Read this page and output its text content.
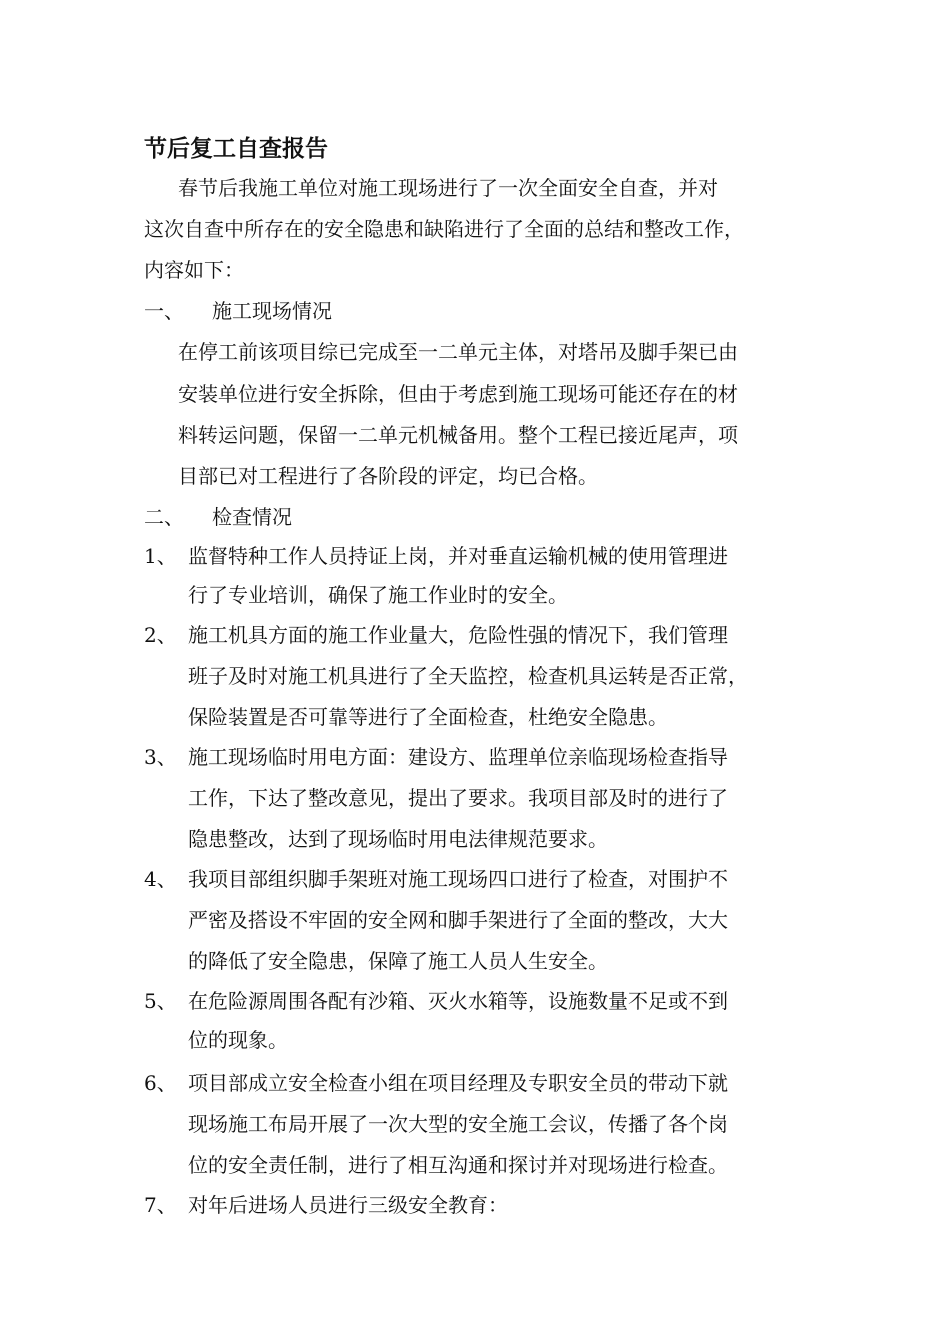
节后复工自查报告

春节后我施工单位对施工现场进行了一次全面安全自查，并对

这次自查中所存在的安全隐患和缺陷进行了全面的总结和整改工作，

内容如下：

一、 施工现场情况

在停工前该项目综已完成至一二单元主体，对塔吊及脚手架已由

安装单位进行安全拆除，但由于考虑到施工现场可能还存在的材

料转运问题，保留一二单元机械备用。整个工程已接近尾声，项

目部已对工程进行了各阶段的评定，均已合格。

二、 检查情况
1、 监督特种工作人员持证上岗，并对垂直运输机械的使用管理进

行了专业培训，确保了施工作业时的安全。

2、 施工机具方面的施工作业量大，危险性强的情况下，我们管理

班子及时对施工机具进行了全天监控，检查机具运转是否正常，

保险装置是否可靠等进行了全面检查，杜绝安全隐患。

3、 施工现场临时用电方面：建设方、监理单位亲临现场检查指导

工作，下达了整改意见，提出了要求。我项目部及时的进行了

隐患整改，达到了现场临时用电法律规范要求。

4、 我项目部组织脚手架班对施工现场四口进行了检查，对围护不

严密及搭设不牢固的安全网和脚手架进行了全面的整改，大大

的降低了安全隐患，保障了施工人员人生安全。

5、 在危险源周围各配有沙箱、灭火水箱等，设施数量不足或不到

位的现象。

6、 项目部成立安全检查小组在项目经理及专职安全员的带动下就

现场施工布局开展了一次大型的安全施工会议，传播了各个岗

位的安全责任制，进行了相互沟通和探讨并对现场进行检查。

7、 对年后进场人员进行三级安全教育：
